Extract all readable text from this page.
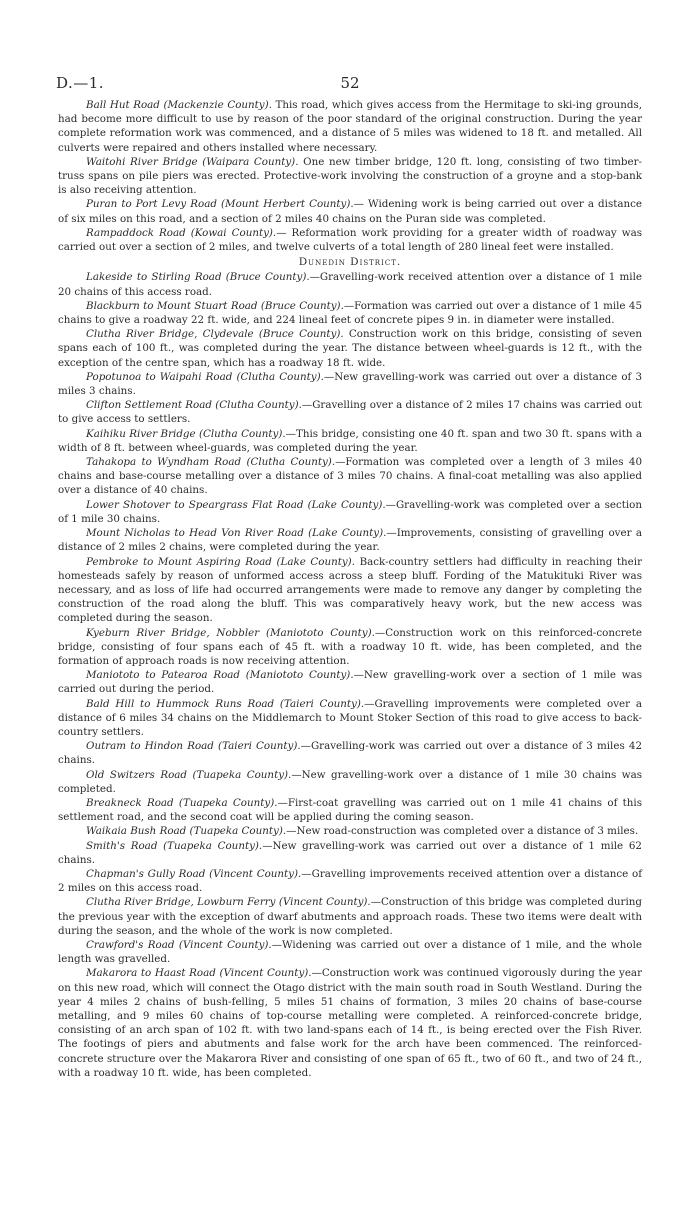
D.—1.	52

Ball Hut Road (Mackenzie County). This road, which gives access from the Hermitage to ski-ing grounds, had become more difficult to use by reason of the poor standard of the original construction. During the year complete reformation work was commenced, and a distance of 5 miles was widened to 18 ft. and metalled. All culverts were repaired and others installed where necessary.

Waitohi River Bridge (Waipara County). One new timber bridge, 120 ft. long, consisting of two timber-truss spans on pile piers was erected. Protective-work involving the construction of a groyne and a stop-bank is also receiving attention.

Puran to Port Levy Road (Mount Herbert County).— Widening work is being carried out over a distance of six miles on this road, and a section of 2 miles 40 chains on the Puran side was completed.

Rampaddock Road (Kowai County).— Reformation work providing for a greater width of roadway was carried out over a section of 2 miles, and twelve culverts of a total length of 280 lineal feet were installed.

Dunedin District.

Lakeside to Stirling Road (Bruce County).—Gravelling-work received attention over a distance of 1 mile 20 chains of this access road.

Blackburn to Mount Stuart Road (Bruce County).—Formation was carried out over a distance of 1 mile 45 chains to give a roadway 22 ft. wide, and 224 lineal feet of concrete pipes 9 in. in diameter were installed.

Clutha River Bridge, Clydevale (Bruce County). Construction work on this bridge, consisting of seven spans each of 100 ft., was completed during the year. The distance between wheel-guards is 12 ft., with the exception of the centre span, which has a roadway 18 ft. wide.

Popotunoa to Waipahi Road (Clutha County).—New gravelling-work was carried out over a distance of 3 miles 3 chains.

Clifton Settlement Road (Clutha County).—Gravelling over a distance of 2 miles 17 chains was carried out to give access to settlers.

Kaihiku River Bridge (Clutha County).—This bridge, consisting one 40 ft. span and two 30 ft. spans with a width of 8 ft. between wheel-guards, was completed during the year.

Tahakopa to Wyndham Road (Clutha County).—Formation was completed over a length of 3 miles 40 chains and base-course metalling over a distance of 3 miles 70 chains. A final-coat metalling was also applied over a distance of 40 chains.

Lower Shotover to Speargrass Flat Road (Lake County).—Gravelling-work was completed over a section of 1 mile 30 chains.

Mount Nicholas to Head Von River Road (Lake County).—Improvements, consisting of gravelling over a distance of 2 miles 2 chains, were completed during the year.

Pembroke to Mount Aspiring Road (Lake County). Back-country settlers had difficulty in reaching their homesteads safely by reason of unformed access across a steep bluff. Fording of the Matukituki River was necessary, and as loss of life had occurred arrangements were made to remove any danger by completing the construction of the road along the bluff. This was comparatively heavy work, but the new access was completed during the season.

Kyeburn River Bridge, Nobbler (Maniototo County).—Construction work on this reinforced-concrete bridge, consisting of four spans each of 45 ft. with a roadway 10 ft. wide, has been completed, and the formation of approach roads is now receiving attention.

Maniototo to Patearoa Road (Maniototo County).—New gravelling-work over a section of 1 mile was carried out during the period.

Bald Hill to Hummock Runs Road (Taieri County).—Gravelling improvements were completed over a distance of 6 miles 34 chains on the Middlemarch to Mount Stoker Section of this road to give access to back-country settlers.

Outram to Hindon Road (Taieri County).—Gravelling-work was carried out over a distance of 3 miles 42 chains.

Old Switzers Road (Tuapeka County).—New gravelling-work over a distance of 1 mile 30 chains was completed.

Breakneck Road (Tuapeka County).—First-coat gravelling was carried out on 1 mile 41 chains of this settlement road, and the second coat will be applied during the coming season.

Waikaia Bush Road (Tuapeka County).—New road-construction was completed over a distance of 3 miles.

Smith's Road (Tuapeka County).—New gravelling-work was carried out over a distance of 1 mile 62 chains.

Chapman's Gully Road (Vincent County).—Gravelling improvements received attention over a distance of 2 miles on this access road.

Clutha River Bridge, Lowburn Ferry (Vincent County).—Construction of this bridge was completed during the previous year with the exception of dwarf abutments and approach roads. These two items were dealt with during the season, and the whole of the work is now completed.

Crawford's Road (Vincent County).—Widening was carried out over a distance of 1 mile, and the whole length was gravelled.

Makarora to Haast Road (Vincent County).—Construction work was continued vigorously during the year on this new road, which will connect the Otago district with the main south road in South Westland. During the year 4 miles 2 chains of bush-felling, 5 miles 51 chains of formation, 3 miles 20 chains of base-course metalling, and 9 miles 60 chains of top-course metalling were completed. A reinforced-concrete bridge, consisting of an arch span of 102 ft. with two land-spans each of 14 ft., is being erected over the Fish River. The footings of piers and abutments and false work for the arch have been commenced. The reinforced-concrete structure over the Makarora River and consisting of one span of 65 ft., two of 60 ft., and two of 24 ft., with a roadway 10 ft. wide, has been completed.
